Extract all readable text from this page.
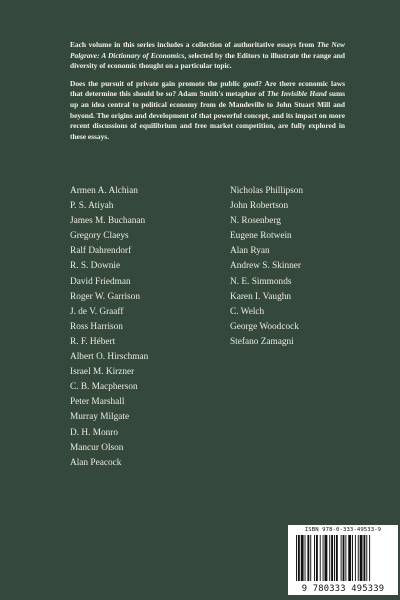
Each volume in this series includes a collection of authoritative essays from The New Palgrave: A Dictionary of Economics, selected by the Editors to illustrate the range and diversity of economic thought on a particular topic.

Does the pursuit of private gain promote the public good? Are there economic laws that determine this should be so? Adam Smith's metaphor of The Invisible Hand sums up an idea central to political economy from de Mandeville to John Stuart Mill and beyond. The origins and development of that powerful concept, and its impact on more recent discussions of equilibrium and free market competition, are fully explored in these essays.

Armen A. Alchian
P. S. Atiyah
James M. Buchanan
Gregory Claeys
Ralf Dahrendorf
R. S. Downie
David Friedman
Roger W. Garrison
J. de V. Graaff
Ross Harrison
R. F. Hébert
Albert O. Hirschman
Israel M. Kirzner
C. B. Macpherson
Peter Marshall
Murray Milgate
D. H. Monro
Mancur Olson
Alan Peacock
Nicholas Phillipson
John Robertson
N. Rosenberg
Eugene Rotwein
Alan Ryan
Andrew S. Skinner
N. E. Simmonds
Karen I. Vaughn
C. Welch
George Woodcock
Stefano Zamagni
ISBN 978-0-333-49533-9
9 780333 495339
